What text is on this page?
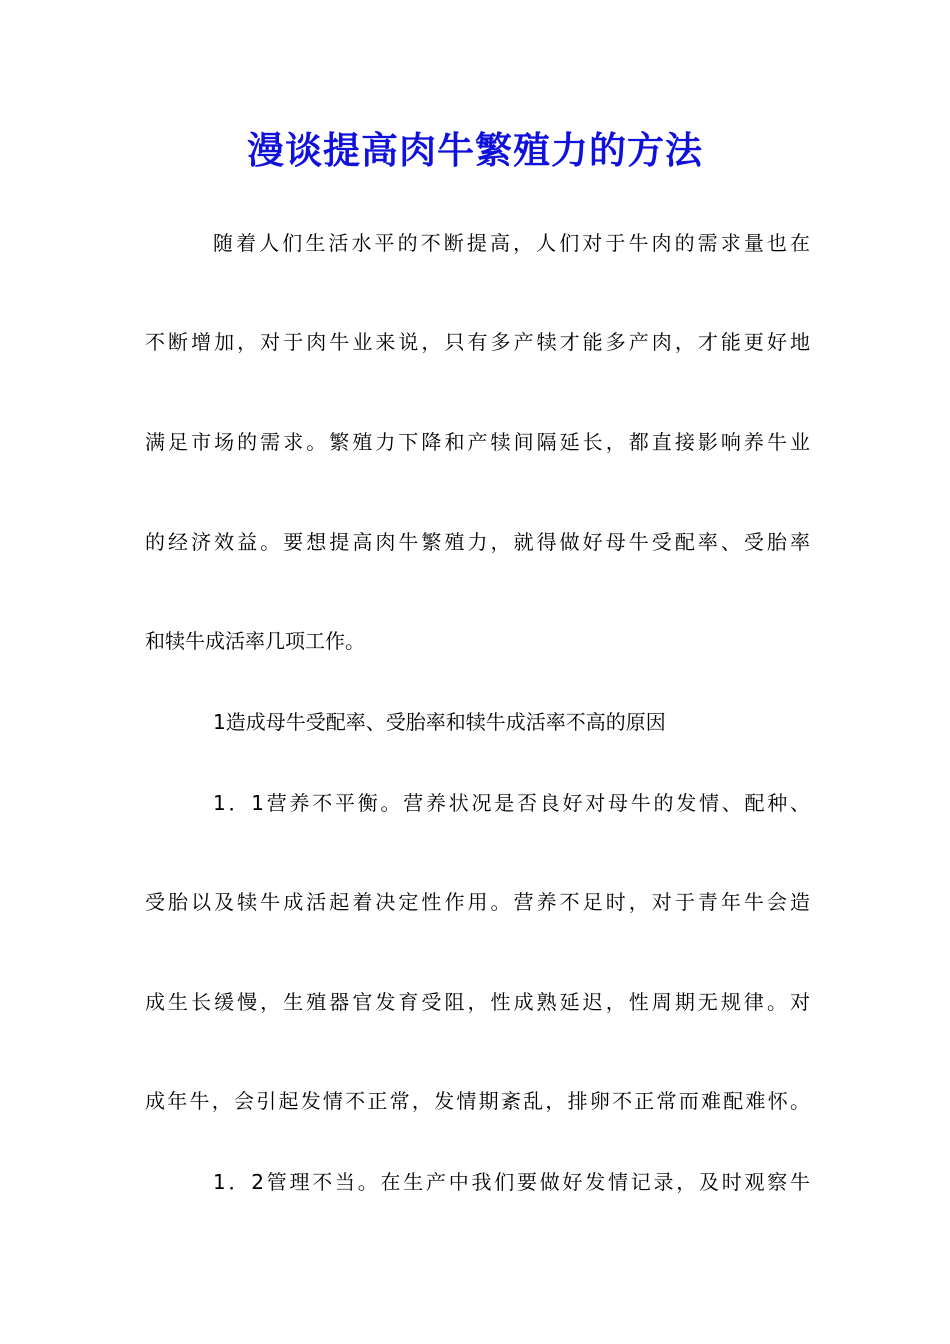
漫谈提高肉牛繁殖力的方法
随着人们生活水平的不断提高，人们对于牛肉的需求量也在
不断增加，对于肉牛业来说，只有多产犊才能多产肉，才能更好地
满足市场的需求。繁殖力下降和产犊间隔延长，都直接影响养牛业
的经济效益。要想提高肉牛繁殖力，就得做好母牛受配率、受胎率
和犊牛成活率几项工作。
1造成母牛受配率、受胎率和犊牛成活率不高的原因
1．1营养不平衡。营养状况是否良好对母牛的发情、配种、
受胎以及犊牛成活起着决定性作用。营养不足时，对于青年牛会造
成生长缓慢，生殖器官发育受阻，性成熟延迟，性周期无规律。对
成年牛，会引起发情不正常，发情期紊乱，排卵不正常而难配难怀。
1．2管理不当。在生产中我们要做好发情记录，及时观察牛
